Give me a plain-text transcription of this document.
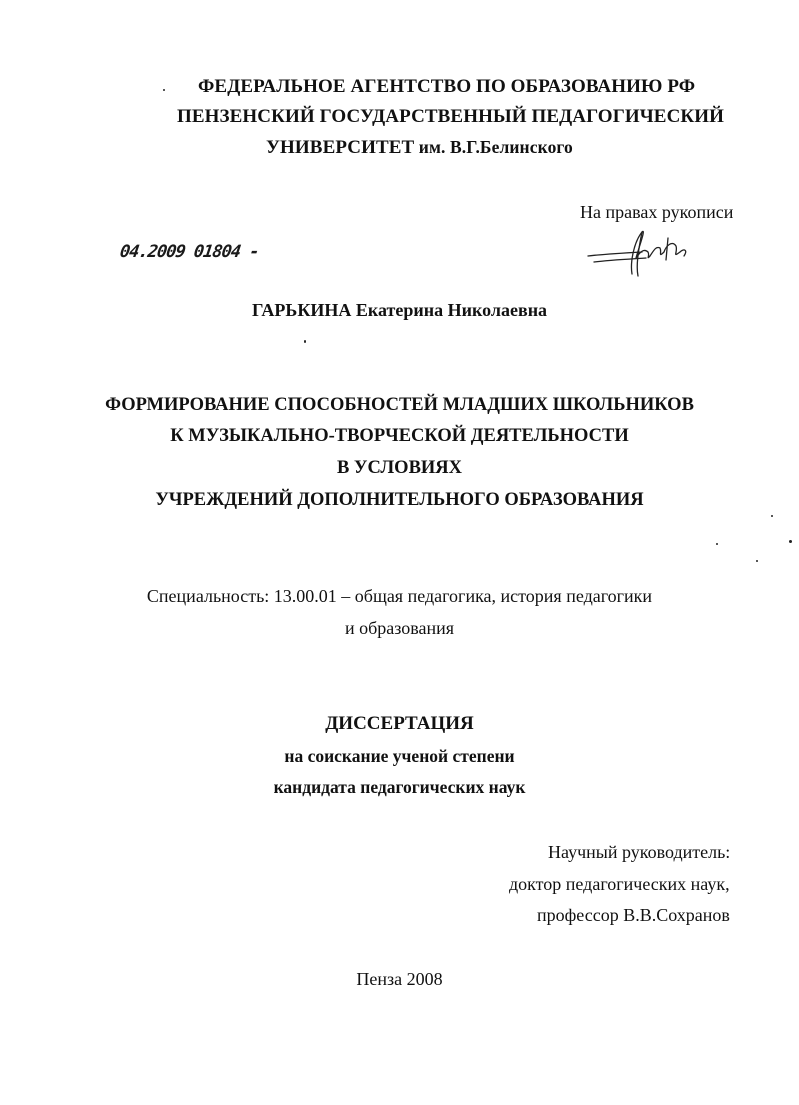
ФЕДЕРАЛЬНОЕ АГЕНТСТВО ПО ОБРАЗОВАНИЮ РФ
ПЕНЗЕНСКИЙ ГОСУДАРСТВЕННЫЙ ПЕДАГОГИЧЕСКИЙ
УНИВЕРСИТЕТ им. В.Г.Белинского
На правах рукописи
04.2009 01804 -
ГАРЬКИНА Екатерина Николаевна
ФОРМИРОВАНИЕ СПОСОБНОСТЕЙ МЛАДШИХ ШКОЛЬНИКОВ
К МУЗЫКАЛЬНО-ТВОРЧЕСКОЙ ДЕЯТЕЛЬНОСТИ
В УСЛОВИЯХ
УЧРЕЖДЕНИЙ ДОПОЛНИТЕЛЬНОГО ОБРАЗОВАНИЯ
Специальность: 13.00.01 – общая педагогика, история педагогики
и образования
ДИССЕРТАЦИЯ
на соискание ученой степени
кандидата педагогических наук
Научный руководитель:
доктор педагогических наук,
профессор В.В.Сохранов
Пенза 2008
